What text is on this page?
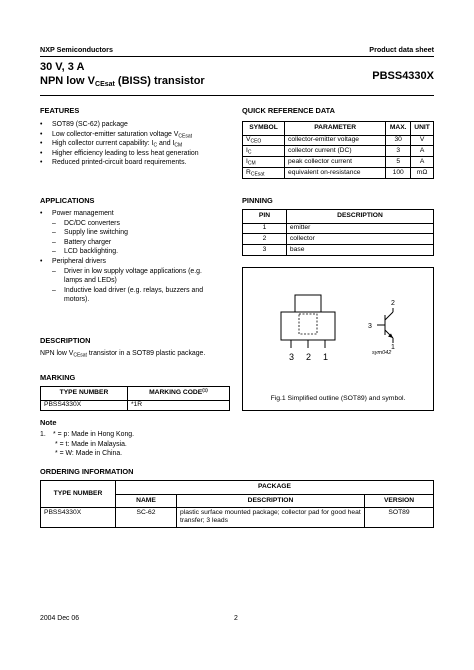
NXP Semiconductors	Product data sheet
30 V, 3 A
NPN low $V_{CEsat}$ (BISS) transistor	PBSS4330X
FEATURES
• SOT89 (SC-62) package
• Low collector-emitter saturation voltage $V_{CEsat}$
• High collector current capability: $I_C$ and $I_{CM}$
• Higher efficiency leading to less heat generation
• Reduced printed-circuit board requirements.
APPLICATIONS
• Power management
– DC/DC converters
– Supply line switching
– Battery charger
– LCD backlighting.
• Peripheral drivers
– Driver in low supply voltage applications (e.g. lamps and LEDs)
– Inductive load driver (e.g. relays, buzzers and motors).
DESCRIPTION
NPN low $V_{CEsat}$ transistor in a SOT89 plastic package.
MARKING
TYPE NUMBER	MARKING CODE$^{(1)}$
PBSS4330X	*1R
Note
1. * = p: Made in Hong Kong.
* = t: Made in Malaysia.
* = W: Made in China.
QUICK REFERENCE DATA
SYMBOL	PARAMETER	MAX.	UNIT
$V_{CEO}$	collector-emitter voltage	30	V
$I_C$	collector current (DC)	3	A
$I_{CM}$	peak collector current	5	A
$R_{CEsat}$	equivalent on-resistance	100	mΩ
PINNING
PIN	DESCRIPTION
1	emitter
2	collector
3	base
3 2 1
3
2
1
sym042
Fig.1 Simplified outline (SOT89) and symbol.
ORDERING INFORMATION
TYPE NUMBER	PACKAGE		
	NAME	DESCRIPTION	VERSION
PBSS4330X	SC-62	plastic surface mounted package; collector pad for good heat transfer; 3 leads	SOT89
2004 Dec 06	2
